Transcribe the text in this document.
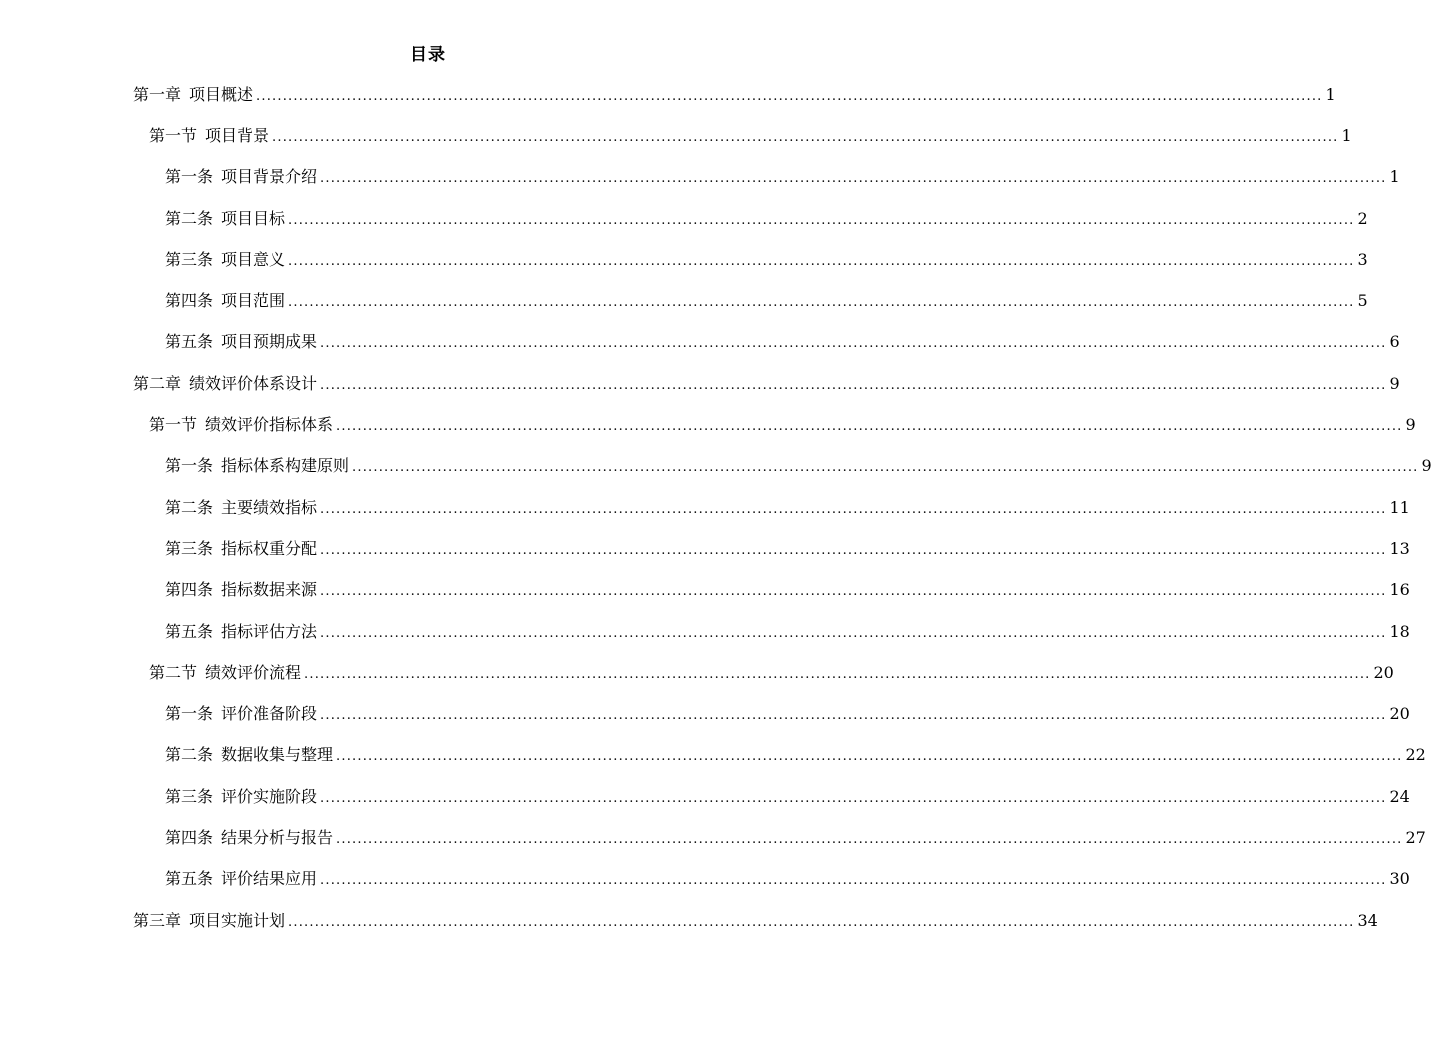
目录
第一章 项目概述 ........................................................................................................................................................................................................ 1
第一节 项目背景 ........................................................................................................................................................................................................ 1
第一条 项目背景介绍 ........................................................................................................................................................................................................ 1
第二条 项目目标 ........................................................................................................................................................................................................ 2
第三条 项目意义 ........................................................................................................................................................................................................ 3
第四条 项目范围 ........................................................................................................................................................................................................ 5
第五条 项目预期成果 ........................................................................................................................................................................................................ 6
第二章 绩效评价体系设计 ........................................................................................................................................................................................................ 9
第一节 绩效评价指标体系 ........................................................................................................................................................................................................ 9
第一条 指标体系构建原则 ........................................................................................................................................................................................................ 9
第二条 主要绩效指标 ........................................................................................................................................................................................................ 11
第三条 指标权重分配 ........................................................................................................................................................................................................ 13
第四条 指标数据来源 ........................................................................................................................................................................................................ 16
第五条 指标评估方法 ........................................................................................................................................................................................................ 18
第二节 绩效评价流程 ........................................................................................................................................................................................................ 20
第一条 评价准备阶段 ........................................................................................................................................................................................................ 20
第二条 数据收集与整理 ........................................................................................................................................................................................................ 22
第三条 评价实施阶段 ........................................................................................................................................................................................................ 24
第四条 结果分析与报告 ........................................................................................................................................................................................................ 27
第五条 评价结果应用 ........................................................................................................................................................................................................ 30
第三章 项目实施计划 ........................................................................................................................................................................................................ 34
